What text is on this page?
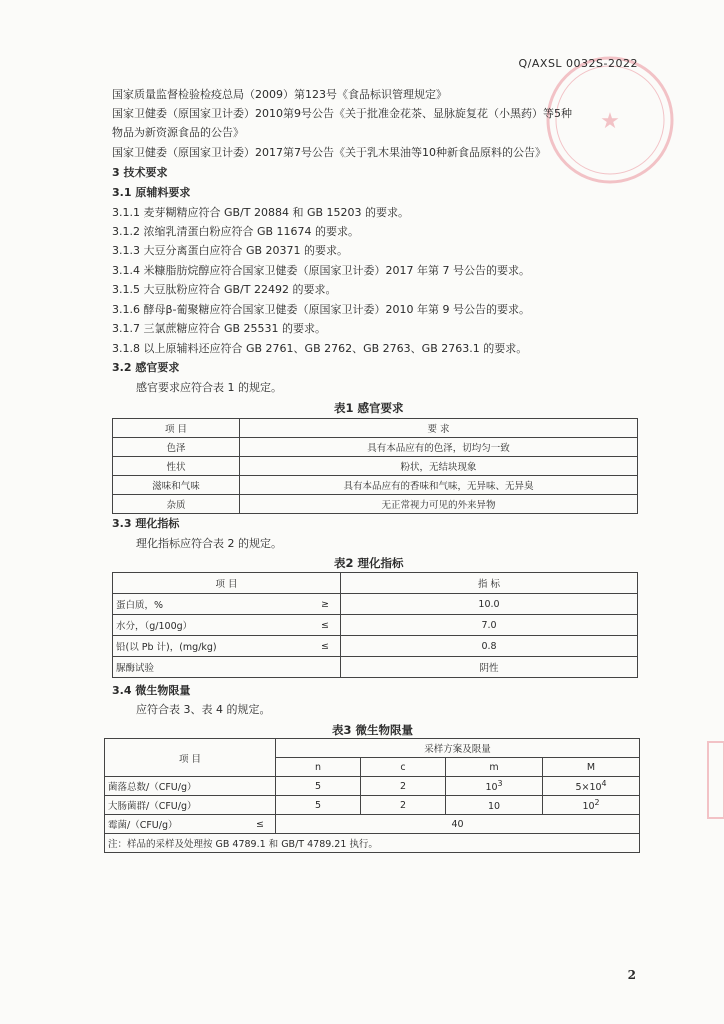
★
Q/AXSL 0032S-2022
国家质量监督检验检疫总局（2009）第123号《食品标识管理规定》
国家卫健委（原国家卫计委）2010第9号公告《关于批准金花茶、显脉旋复花（小黑药）等5种
物品为新资源食品的公告》
国家卫健委（原国家卫计委）2017第7号公告《关于乳木果油等10种新食品原料的公告》
3 技术要求
3.1 原辅料要求
3.1.1 麦芽糊精应符合 GB/T 20884 和 GB 15203 的要求。
3.1.2 浓缩乳清蛋白粉应符合 GB 11674 的要求。
3.1.3 大豆分离蛋白应符合 GB 20371 的要求。
3.1.4 米糠脂肪烷醇应符合国家卫健委（原国家卫计委）2017 年第 7 号公告的要求。
3.1.5 大豆肽粉应符合 GB/T 22492 的要求。
3.1.6 酵母β-葡聚糖应符合国家卫健委（原国家卫计委）2010 年第 9 号公告的要求。
3.1.7 三氯蔗糖应符合 GB 25531 的要求。
3.1.8 以上原辅料还应符合 GB 2761、GB 2762、GB 2763、GB 2763.1 的要求。
3.2 感官要求
感官要求应符合表 1 的规定。
表1 感官要求
项 目	要 求
色泽	具有本品应有的色泽，切均匀一致
性状	粉状，无结块现象
滋味和气味	具有本品应有的香味和气味，无异味、无异臭
杂质	无正常视力可见的外来异物
3.3 理化指标
理化指标应符合表 2 的规定。
表2 理化指标
项 目		指 标
蛋白质，%	≥	10.0
水分，（g/100g）	≤	7.0
铅(以 Pb 计)，(mg/kg)	≤	0.8
脲酶试验		阴性
3.4 微生物限量
应符合表 3、表 4 的规定。
表3 微生物限量
项 目		采样方案及限量			
		n	c	m	M
菌落总数/（CFU/g）		5	2	$10^3$	$5\times 10^4$
大肠菌群/（CFU/g）		5	2	10	$10^2$
霉菌/（CFU/g）	≤	40			
注：样品的采样及处理按 GB 4789.1 和 GB/T 4789.21 执行。					
2
